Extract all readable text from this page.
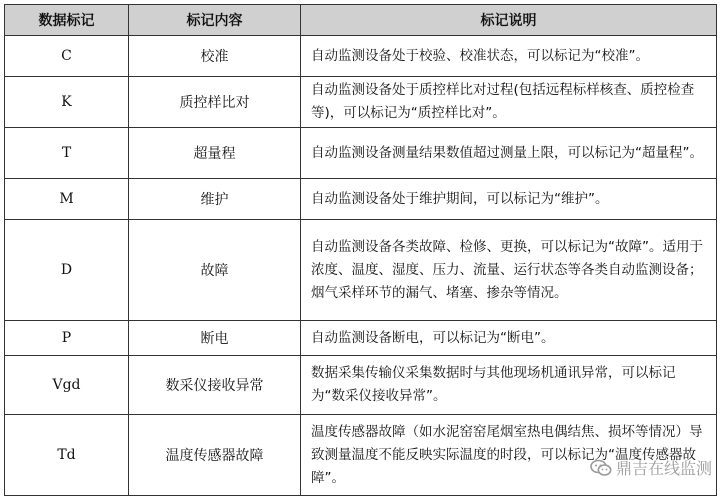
数据标记	标记内容	标记说明
C	校准	自动监测设备处于校验、校准状态，可以标记为“校准”。
K	质控样比对	自动监测设备处于质控样比对过程(包括远程标样核查、质控检查等)，可以标记为“质控样比对”。
T	超量程	自动监测设备测量结果数值超过测量上限，可以标记为“超量程”。
M	维护	自动监测设备处于维护期间，可以标记为“维护”。
D	故障	自动监测设备各类故障、检修、更换，可以标记为“故障”。适用于浓度、温度、湿度、压力、流量、运行状态等各类自动监测设备；烟气采样环节的漏气、堵塞、掺杂等情况。
P	断电	自动监测设备断电，可以标记为“断电”。
Vgd	数采仪接收异常	数据采集传输仪采集数据时与其他现场机通讯异常，可以标记为“数采仪接收异常”。
Td	温度传感器故障	温度传感器故障（如水泥窑窑尾烟室热电偶结焦、损坏等情况）导致测量温度不能反映实际温度的时段，可以标记为“温度传感器故障”。	鼎吉在线监测
